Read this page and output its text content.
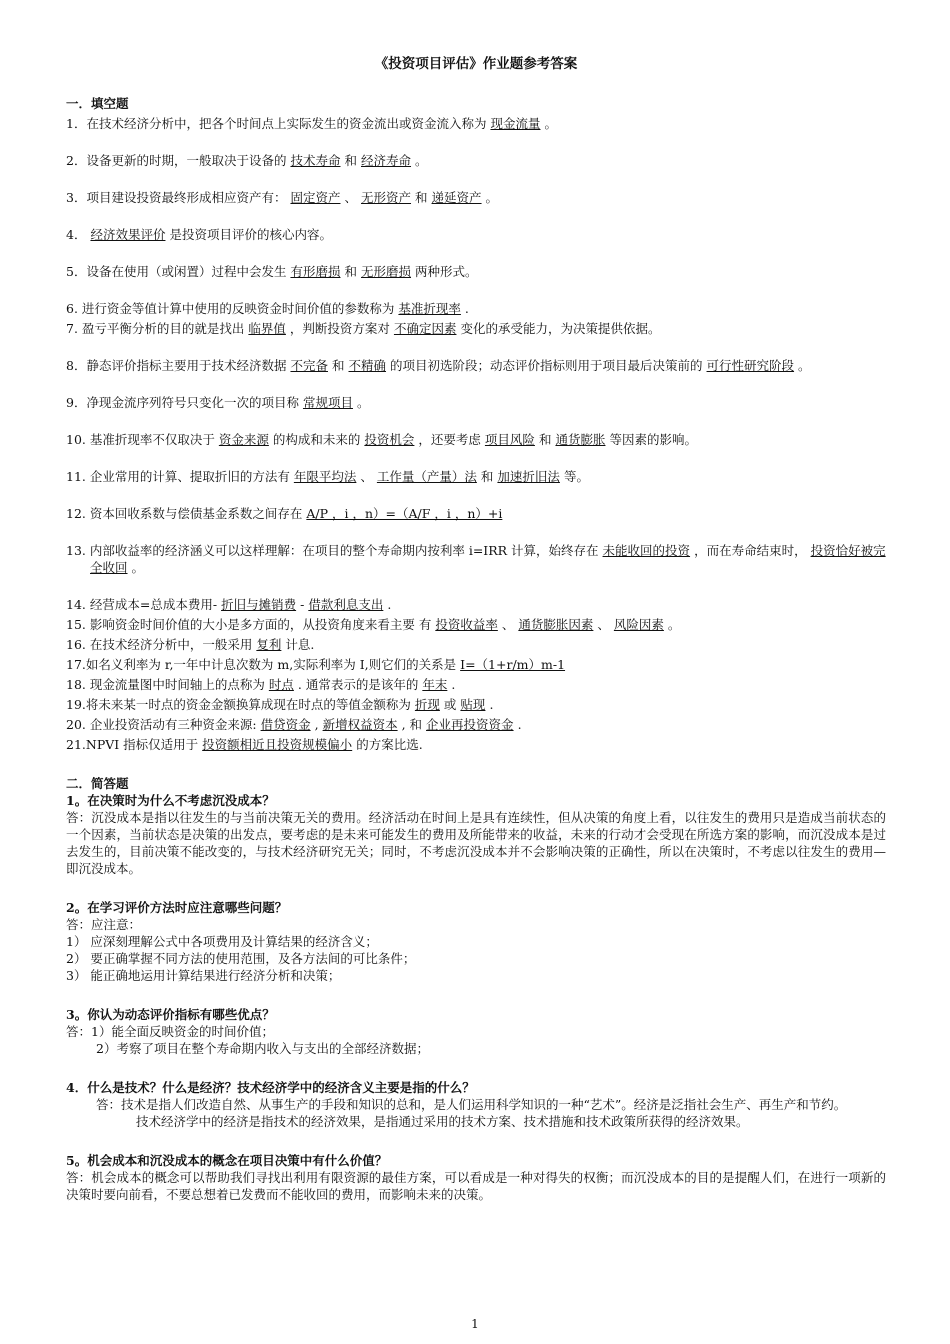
《投资项目评估》作业题参考答案

一．填空题

1．在技术经济分析中，把各个时间点上实际发生的资金流出或资金流入称为 现金流量 。

2．设备更新的时期，一般取决于设备的 技术寿命 和 经济寿命 。

3．项目建设投资最终形成相应资产有： 固定资产 、 无形资产 和 递延资产 。

4． 经济效果评价 是投资项目评价的核心内容。

5．设备在使用（或闲置）过程中会发生 有形磨损 和 无形磨损 两种形式。

6. 进行资金等值计算中使用的反映资金时间价值的参数称为 基准折现率 .

7. 盈亏平衡分析的目的就是找出 临界值 ，判断投资方案对 不确定因素 变化的承受能力，为决策提供依据。

8．静态评价指标主要用于技术经济数据 不完备 和 不精确 的项目初选阶段；动态评价指标则用于项目最后决策前的 可行性研究阶段 。

9．净现金流序列符号只变化一次的项目称 常规项目 。

10. 基准折现率不仅取决于 资金来源 的构成和未来的 投资机会 ，还要考虑 项目风险 和 通货膨胀 等因素的影响。

11. 企业常用的计算、提取折旧的方法有 年限平均法 、 工作量（产量）法 和 加速折旧法 等。

12. 资本回收系数与偿债基金系数之间存在 A/P ，i ，n）=（A/F ，i ，n）+i

13. 内部收益率的经济涵义可以这样理解：在项目的整个寿命期内按利率 i=IRR 计算，始终存在 未能收回的投资 ，而在寿命结束时， 投资恰好被完全收回 。

14. 经营成本=总成本费用- 折旧与摊销费 - 借款利息支出 .

15. 影响资金时间价值的大小是多方面的，从投资角度来看主要 有 投资收益率 、 通货膨胀因素 、 风险因素 。

16. 在技术经济分析中，一般采用 复利 计息.

17.如名义利率为 r,一年中计息次数为 m,实际利率为 I,则它们的关系是 I=（1+r/m）m-1

18. 现金流量图中时间轴上的点称为 时点 . 通常表示的是该年的 年末 .

19.将未来某一时点的资金金额换算成现在时点的等值金额称为 折现 或 贴现 .

20. 企业投资活动有三种资金来源: 借贷资金 , 新增权益资本 , 和 企业再投资资金 .

21.NPVI 指标仅适用于 投资额相近且投资规模偏小 的方案比选.

二．简答题

1。在决策时为什么不考虑沉没成本？

答：沉没成本是指以往发生的与当前决策无关的费用。经济活动在时间上是具有连续性，但从决策的角度上看，以往发生的费用只是造成当前状态的一个因素，当前状态是决策的出发点，要考虑的是未来可能发生的费用及所能带来的收益，未来的行动才会受现在所选方案的影响，而沉没成本是过去发生的，目前决策不能改变的，与技术经济研究无关；同时，不考虑沉没成本并不会影响决策的正确性，所以在决策时，不考虑以往发生的费用—即沉没成本。

2。在学习评价方法时应注意哪些问题？

答：应注意：

1） 应深刻理解公式中各项费用及计算结果的经济含义；

2） 要正确掌握不同方法的使用范围，及各方法间的可比条件；

3） 能正确地运用计算结果进行经济分析和决策；

3。你认为动态评价指标有哪些优点？

答：1）能全面反映资金的时间价值；

2）考察了项目在整个寿命期内收入与支出的全部经济数据；

4．什么是技术？什么是经济？技术经济学中的经济含义主要是指的什么？

答：技术是指人们改造自然、从事生产的手段和知识的总和，是人们运用科学知识的一种“艺术”。经济是泛指社会生产、再生产和节约。

技术经济学中的经济是指技术的经济效果，是指通过采用的技术方案、技术措施和技术政策所获得的经济效果。

5。机会成本和沉没成本的概念在项目决策中有什么价值？

答：机会成本的概念可以帮助我们寻找出利用有限资源的最佳方案，可以看成是一种对得失的权衡；而沉没成本的目的是提醒人们，在进行一项新的决策时要向前看，不要总想着已发费而不能收回的费用，而影响未来的决策。

1
